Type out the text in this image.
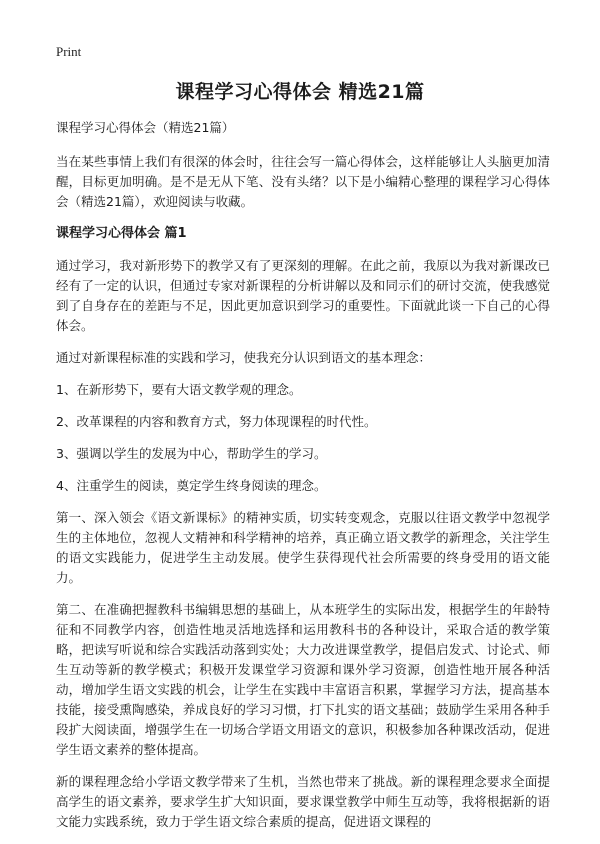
Print
课程学习心得体会 精选21篇

课程学习心得体会（精选21篇）

当在某些事情上我们有很深的体会时，往往会写一篇心得体会，这样能够让人头脑更加清醒，目标更加明确。是不是无从下笔、没有头绪？以下是小编精心整理的课程学习心得体会（精选21篇），欢迎阅读与收藏。

课程学习心得体会 篇1

通过学习，我对新形势下的教学又有了更深刻的理解。在此之前，我原以为我对新课改已经有了一定的认识，但通过专家对新课程的分析讲解以及和同示们的研讨交流，使我感觉到了自身存在的差距与不足，因此更加意识到学习的重要性。下面就此谈一下自己的心得体会。

通过对新课程标准的实践和学习，使我充分认识到语文的基本理念：

1、在新形势下，要有大语文教学观的理念。

2、改革课程的内容和教育方式，努力体现课程的时代性。

3、强调以学生的发展为中心，帮助学生的学习。

4、注重学生的阅读，奠定学生终身阅读的理念。

第一、深入领会《语文新课标》的精神实质，切实转变观念，克服以往语文教学中忽视学生的主体地位，忽视人文精神和科学精神的培养，真正确立语文教学的新理念，关注学生的语文实践能力，促进学生主动发展。使学生获得现代社会所需要的终身受用的语文能力。

第二、在准确把握教科书编辑思想的基础上，从本班学生的实际出发，根据学生的年龄特征和不同教学内容，创造性地灵活地选择和运用教科书的各种设计，采取合适的教学策略，把读写听说和综合实践活动落到实处；大力改进课堂教学，提倡启发式、讨论式、师生互动等新的教学模式；积极开发课堂学习资源和课外学习资源，创造性地开展各种活动，增加学生语文实践的机会，让学生在实践中丰富语言积累，掌握学习方法，提高基本技能，接受熏陶感染，养成良好的学习习惯，打下扎实的语文基础；鼓励学生采用各种手段扩大阅读面，增强学生在一切场合学语文用语文的意识，积极参加各种课改活动，促进学生语文素养的整体提高。

新的课程理念给小学语文教学带来了生机，当然也带来了挑战。新的课程理念要求全面提高学生的语文素养，要求学生扩大知识面，要求课堂教学中师生互动等，我将根据新的语文能力实践系统，致力于学生语文综合素质的提高，促进语文课程的
